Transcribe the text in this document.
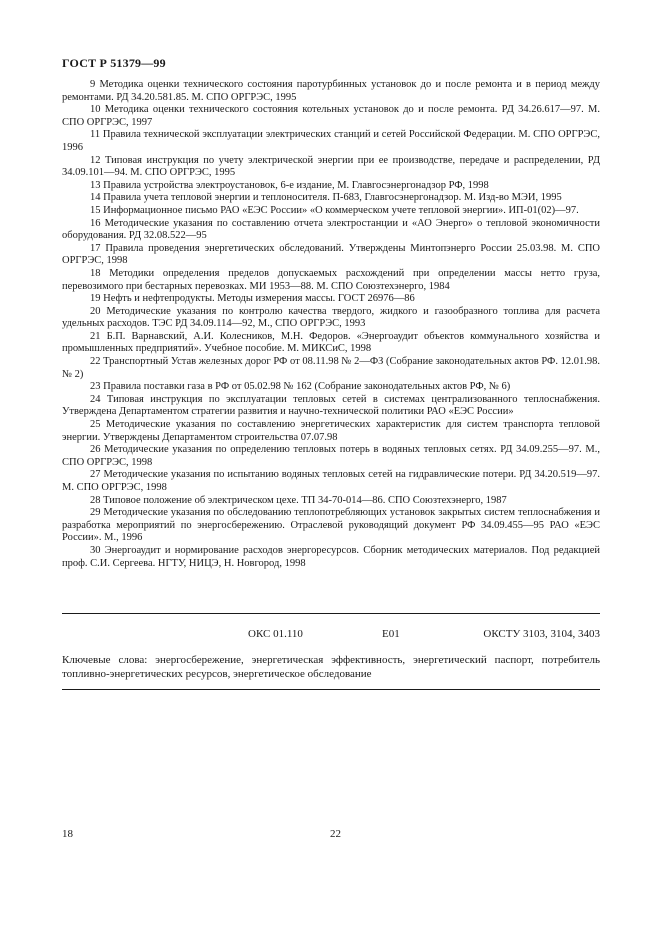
ГОСТ Р 51379—99

9 Методика оценки технического состояния паротурбинных установок до и после ремонта и в период между ремонтами. РД 34.20.581.85. М. СПО ОРГРЭС, 1995

10 Методика оценки технического состояния котельных установок до и после ремонта. РД 34.26.617—97. М. СПО ОРГРЭС, 1997

11 Правила технической эксплуатации электрических станций и сетей Российской Федерации. М. СПО ОРГРЭС, 1996

12 Типовая инструкция по учету электрической энергии при ее производстве, передаче и распределении, РД 34.09.101—94. М. СПО ОРГРЭС, 1995

13 Правила устройства электроустановок, 6-е издание, М. Главгосэнергонадзор РФ, 1998

14 Правила учета тепловой энергии и теплоносителя. П-683, Главгосэнергонадзор. М. Изд-во МЭИ, 1995

15 Информационное письмо РАО «ЕЭС России» «О коммерческом учете тепловой энергии». ИП-01(02)—97.

16 Методические указания по составлению отчета электростанции и «АО Энерго» о тепловой экономичности оборудования. РД 32.08.522—95

17 Правила проведения энергетических обследований. Утверждены Минтопэнерго России 25.03.98. М. СПО ОРГРЭС, 1998

18 Методики определения пределов допускаемых расхождений при определении массы нетто груза, перевозимого при бестарных перевозках. МИ 1953—88. М. СПО Союзтехэнерго, 1984

19 Нефть и нефтепродукты. Методы измерения массы. ГОСТ 26976—86

20 Методические указания по контролю качества твердого, жидкого и газообразного топлива для расчета удельных расходов. ТЭС РД 34.09.114—92, М., СПО ОРГРЭС, 1993

21 Б.П. Варнавский, А.И. Колесников, М.Н. Федоров. «Энергоаудит объектов коммунального хозяйства и промышленных предприятий». Учебное пособие. М. МИКСиС, 1998

22 Транспортный Устав железных дорог РФ от 08.11.98 № 2—ФЗ (Собрание законодательных актов РФ. 12.01.98. № 2)

23 Правила поставки газа в РФ от 05.02.98 № 162 (Собрание законодательных актов РФ, № 6)

24 Типовая инструкция по эксплуатации тепловых сетей в системах централизованного теплоснабжения. Утверждена Департаментом стратегии развития и научно-технической политики РАО «ЕЭС России»

25 Методические указания по составлению энергетических характеристик для систем транспорта тепловой энергии. Утверждены Департаментом строительства 07.07.98

26 Методические указания по определению тепловых потерь в водяных тепловых сетях. РД 34.09.255—97. М., СПО ОРГРЭС, 1998

27 Методические указания по испытанию водяных тепловых сетей на гидравлические потери. РД 34.20.519—97. М. СПО ОРГРЭС, 1998

28 Типовое положение об электрическом цехе. ТП 34-70-014—86. СПО Союзтехэнерго, 1987

29 Методические указания по обследованию теплопотребляющих установок закрытых систем теплоснабжения и разработка мероприятий по энергосбережению. Отраслевой руководящий документ РФ 34.09.455—95 РАО «ЕЭС России». М., 1996

30 Энергоаудит и нормирование расходов энергоресурсов. Сборник методических материалов. Под редакцией проф. С.И. Сергеева. НГТУ, НИЦЭ, Н. Новгород, 1998

ОКС 01.110	Е01	ОКСТУ 3103, 3104, 3403
Ключевые слова: энергосбережение, энергетическая эффективность, энергетический паспорт, потребитель топливно-энергетических ресурсов, энергетическое обследование
18	22
